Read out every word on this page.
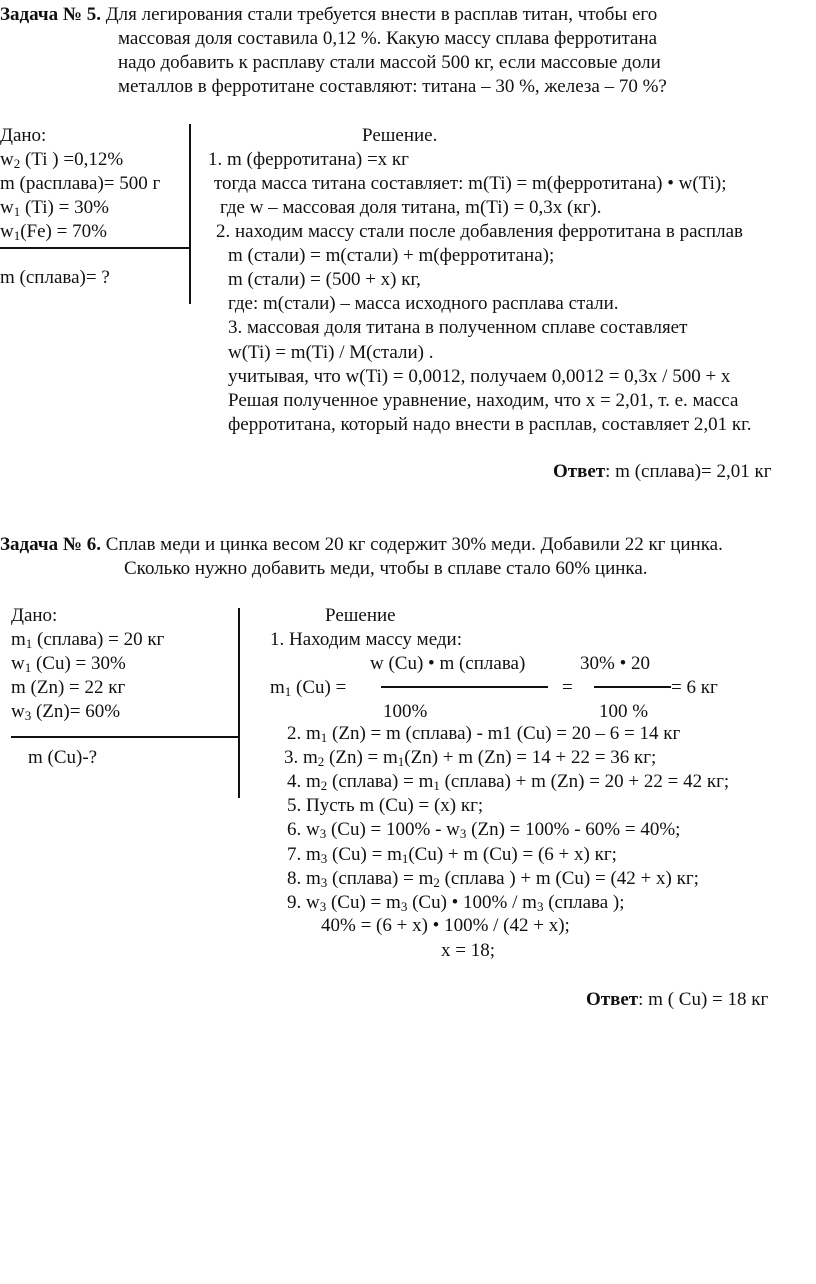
Задача № 5. Для легирования стали требуется внести в расплав титан, чтобы его
массовая доля составила 0,12 %. Какую массу сплава ферротитана
надо добавить к расплаву стали массой 500 кг, если массовые доли
металлов в ферротитане составляют: титана – 30 %, железа – 70 %?
Дано:
$w_2$ (Ti ) =0,12%
m (расплава)= 500 г
$w_1$ (Ti) = 30%
$w_1(Fe) = 70\%$
m (сплава)= ?
Решение.
1. m (ферротитана) =х кг
тогда масса титана составляет: m(Ti) = m(ферротитана) • w(Ti);
где w – массовая доля титана, m(Ti) = 0,3x (кг).
2. находим массу стали после добавления ферротитана в расплав
m (стали) = m(стали) + m(ферротитана);
m (стали) = (500 + х) кг,
где: m(стали) – масса исходного расплава стали.
3. массовая доля титана в полученном сплаве составляет
w(Ti) = m(Ti) / M(стали) .
учитывая, что w(Ti) = 0,0012, получаем 0,0012 = 0,3х / 500 + х
Решая полученное уравнение, находим, что х = 2,01, т. е. масса
ферротитана, который надо внести в расплав, составляет 2,01 кг.
Ответ: m (сплава)= 2,01 кг
Задача № 6. Сплав меди и цинка весом 20 кг содержит 30% меди. Добавили 22 кг цинка.
Сколько нужно добавить меди, чтобы в сплаве стало 60% цинка.
Дано:
$m_1$ (сплава) = 20 кг
$w_1$ (Cu) = 30%
m (Zn) = 22 кг
$w_3$ (Zn)= 60%
m (Cu)-?
Решение
1. Находим массу меди:
w (Cu) • m (сплава)	30% • 20
$m_1$ (Cu) =	=	= 6 кг
100%	100 %
2. $m_1$ (Zn) = m (сплава) - m1 (Cu) = 20 – 6 = 14 кг
3. $m_2$ $(Zn) = m_1(Zn) + m$ (Zn) = 14 + 22 = 36 кг;
4. $m_2$ (сплава) = $m_1$ (сплава) + m (Zn) = 20 + 22 = 42 кг;
5. Пусть m (Cu) = (х) кг;
6. $w_3$ $(Cu) = 100\% - w_3$ (Zn) = 100% - 60% = 40%;
7. $m_3$ $(Cu) = m_1(Cu) + m$ (Cu) = (6 + х) кг;
8. $m_3$ (сплава) = $m_2$ (сплава ) + m (Cu) = (42 + х) кг;
9. $w_3$ $(Cu) = m_3$ (Cu) • $100\% / m_3$ (сплава );
40% = (6 + х) • 100% / (42 + х);
х = 18;
Ответ: m ( Cu) = 18 кг
